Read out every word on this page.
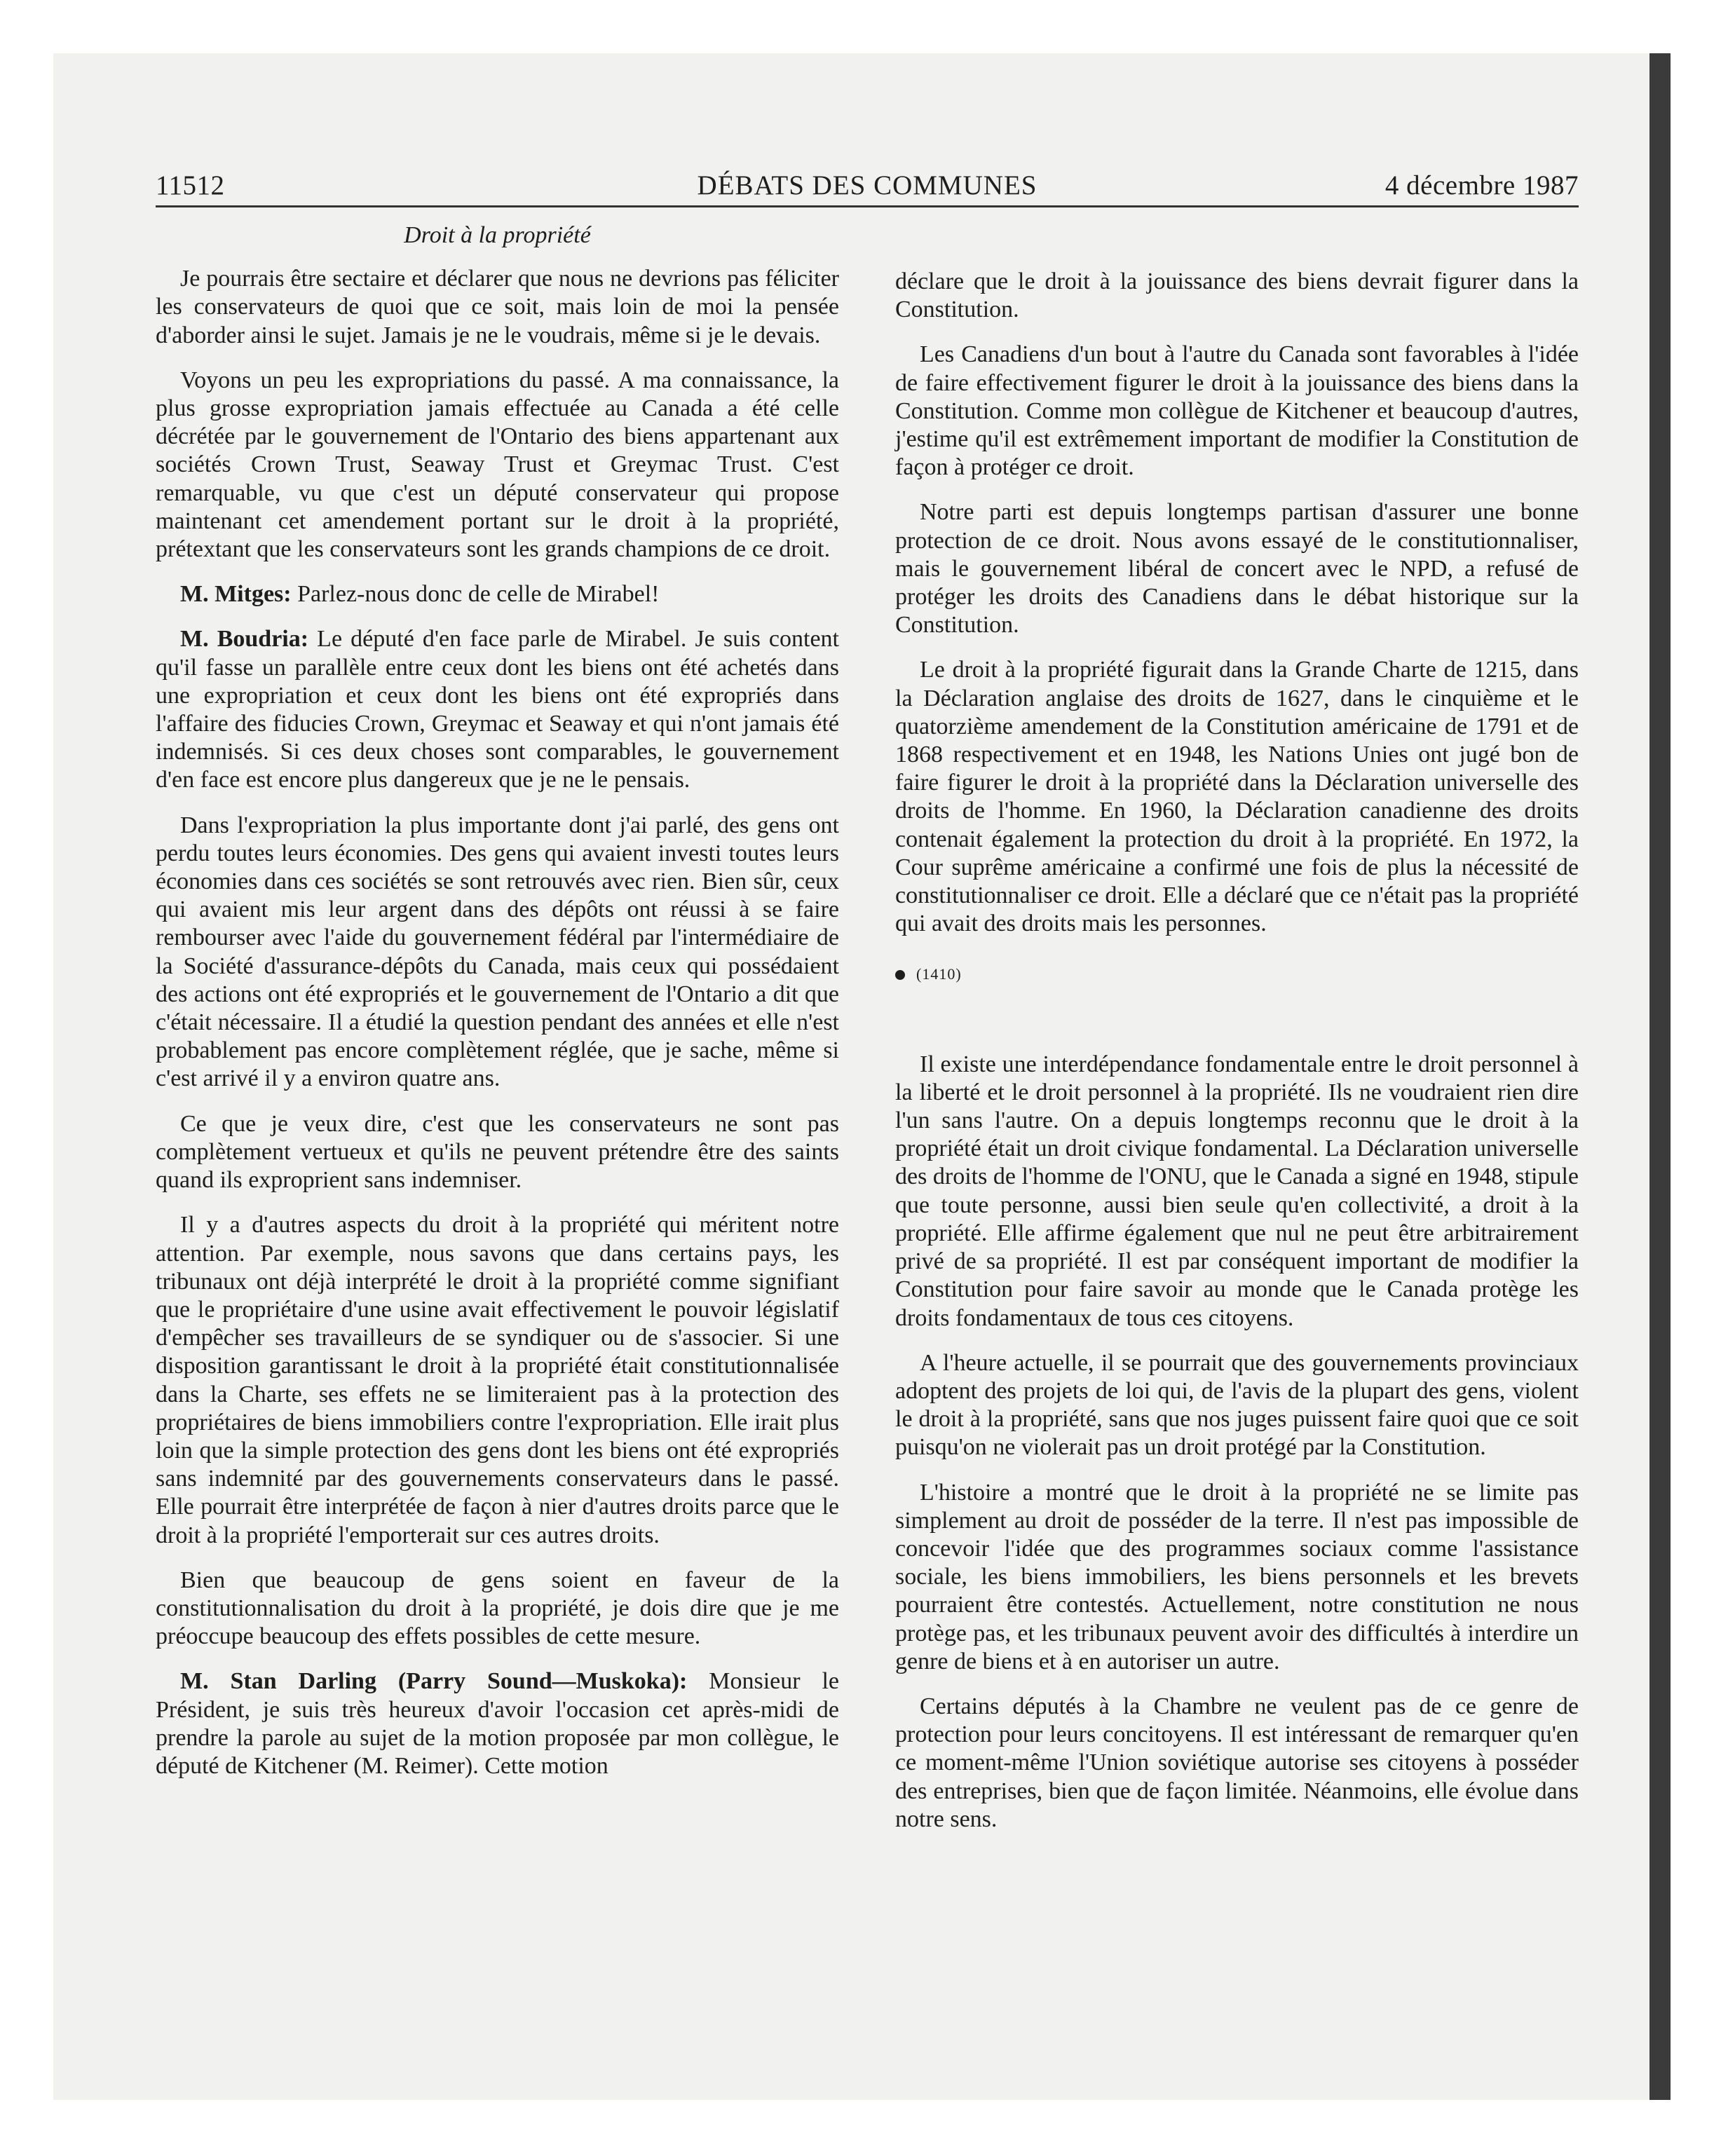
11512	DÉBATS DES COMMUNES	4 décembre 1987
Droit à la propriété

Je pourrais être sectaire et déclarer que nous ne devrions pas féliciter les conservateurs de quoi que ce soit, mais loin de moi la pensée d'aborder ainsi le sujet. Jamais je ne le voudrais, même si je le devais.

Voyons un peu les expropriations du passé. A ma connaissance, la plus grosse expropriation jamais effectuée au Canada a été celle décrétée par le gouvernement de l'Ontario des biens appartenant aux sociétés Crown Trust, Seaway Trust et Greymac Trust. C'est remarquable, vu que c'est un député conservateur qui propose maintenant cet amendement portant sur le droit à la propriété, prétextant que les conservateurs sont les grands champions de ce droit.

M. Mitges: Parlez-nous donc de celle de Mirabel!

M. Boudria: Le député d'en face parle de Mirabel. Je suis content qu'il fasse un parallèle entre ceux dont les biens ont été achetés dans une expropriation et ceux dont les biens ont été expropriés dans l'affaire des fiducies Crown, Greymac et Seaway et qui n'ont jamais été indemnisés. Si ces deux choses sont comparables, le gouvernement d'en face est encore plus dangereux que je ne le pensais.

Dans l'expropriation la plus importante dont j'ai parlé, des gens ont perdu toutes leurs économies. Des gens qui avaient investi toutes leurs économies dans ces sociétés se sont retrouvés avec rien. Bien sûr, ceux qui avaient mis leur argent dans des dépôts ont réussi à se faire rembourser avec l'aide du gouvernement fédéral par l'intermédiaire de la Société d'assurance-dépôts du Canada, mais ceux qui possédaient des actions ont été expropriés et le gouvernement de l'Ontario a dit que c'était nécessaire. Il a étudié la question pendant des années et elle n'est probablement pas encore complètement réglée, que je sache, même si c'est arrivé il y a environ quatre ans.

Ce que je veux dire, c'est que les conservateurs ne sont pas complètement vertueux et qu'ils ne peuvent prétendre être des saints quand ils exproprient sans indemniser.

Il y a d'autres aspects du droit à la propriété qui méritent notre attention. Par exemple, nous savons que dans certains pays, les tribunaux ont déjà interprété le droit à la propriété comme signifiant que le propriétaire d'une usine avait effectivement le pouvoir législatif d'empêcher ses travailleurs de se syndiquer ou de s'associer. Si une disposition garantissant le droit à la propriété était constitutionnalisée dans la Charte, ses effets ne se limiteraient pas à la protection des propriétaires de biens immobiliers contre l'expropriation. Elle irait plus loin que la simple protection des gens dont les biens ont été expropriés sans indemnité par des gouvernements conservateurs dans le passé. Elle pourrait être interprétée de façon à nier d'autres droits parce que le droit à la propriété l'emporterait sur ces autres droits.

Bien que beaucoup de gens soient en faveur de la constitutionnalisation du droit à la propriété, je dois dire que je me préoccupe beaucoup des effets possibles de cette mesure.

M. Stan Darling (Parry Sound—Muskoka): Monsieur le Président, je suis très heureux d'avoir l'occasion cet après-midi de prendre la parole au sujet de la motion proposée par mon collègue, le député de Kitchener (M. Reimer). Cette motion

déclare que le droit à la jouissance des biens devrait figurer dans la Constitution.

Les Canadiens d'un bout à l'autre du Canada sont favorables à l'idée de faire effectivement figurer le droit à la jouissance des biens dans la Constitution. Comme mon collègue de Kitchener et beaucoup d'autres, j'estime qu'il est extrêmement important de modifier la Constitution de façon à protéger ce droit.

Notre parti est depuis longtemps partisan d'assurer une bonne protection de ce droit. Nous avons essayé de le constitutionnaliser, mais le gouvernement libéral de concert avec le NPD, a refusé de protéger les droits des Canadiens dans le débat historique sur la Constitution.

Le droit à la propriété figurait dans la Grande Charte de 1215, dans la Déclaration anglaise des droits de 1627, dans le cinquième et le quatorzième amendement de la Constitution américaine de 1791 et de 1868 respectivement et en 1948, les Nations Unies ont jugé bon de faire figurer le droit à la propriété dans la Déclaration universelle des droits de l'homme. En 1960, la Déclaration canadienne des droits contenait également la protection du droit à la propriété. En 1972, la Cour suprême américaine a confirmé une fois de plus la nécessité de constitutionnaliser ce droit. Elle a déclaré que ce n'était pas la propriété qui avait des droits mais les personnes.

(1410)

Il existe une interdépendance fondamentale entre le droit personnel à la liberté et le droit personnel à la propriété. Ils ne voudraient rien dire l'un sans l'autre. On a depuis longtemps reconnu que le droit à la propriété était un droit civique fondamental. La Déclaration universelle des droits de l'homme de l'ONU, que le Canada a signé en 1948, stipule que toute personne, aussi bien seule qu'en collectivité, a droit à la propriété. Elle affirme également que nul ne peut être arbitrairement privé de sa propriété. Il est par conséquent important de modifier la Constitution pour faire savoir au monde que le Canada protège les droits fondamentaux de tous ces citoyens.

A l'heure actuelle, il se pourrait que des gouvernements provinciaux adoptent des projets de loi qui, de l'avis de la plupart des gens, violent le droit à la propriété, sans que nos juges puissent faire quoi que ce soit puisqu'on ne violerait pas un droit protégé par la Constitution.

L'histoire a montré que le droit à la propriété ne se limite pas simplement au droit de posséder de la terre. Il n'est pas impossible de concevoir l'idée que des programmes sociaux comme l'assistance sociale, les biens immobiliers, les biens personnels et les brevets pourraient être contestés. Actuellement, notre constitution ne nous protège pas, et les tribunaux peuvent avoir des difficultés à interdire un genre de biens et à en autoriser un autre.

Certains députés à la Chambre ne veulent pas de ce genre de protection pour leurs concitoyens. Il est intéressant de remarquer qu'en ce moment-même l'Union soviétique autorise ses citoyens à posséder des entreprises, bien que de façon limitée. Néanmoins, elle évolue dans notre sens.
